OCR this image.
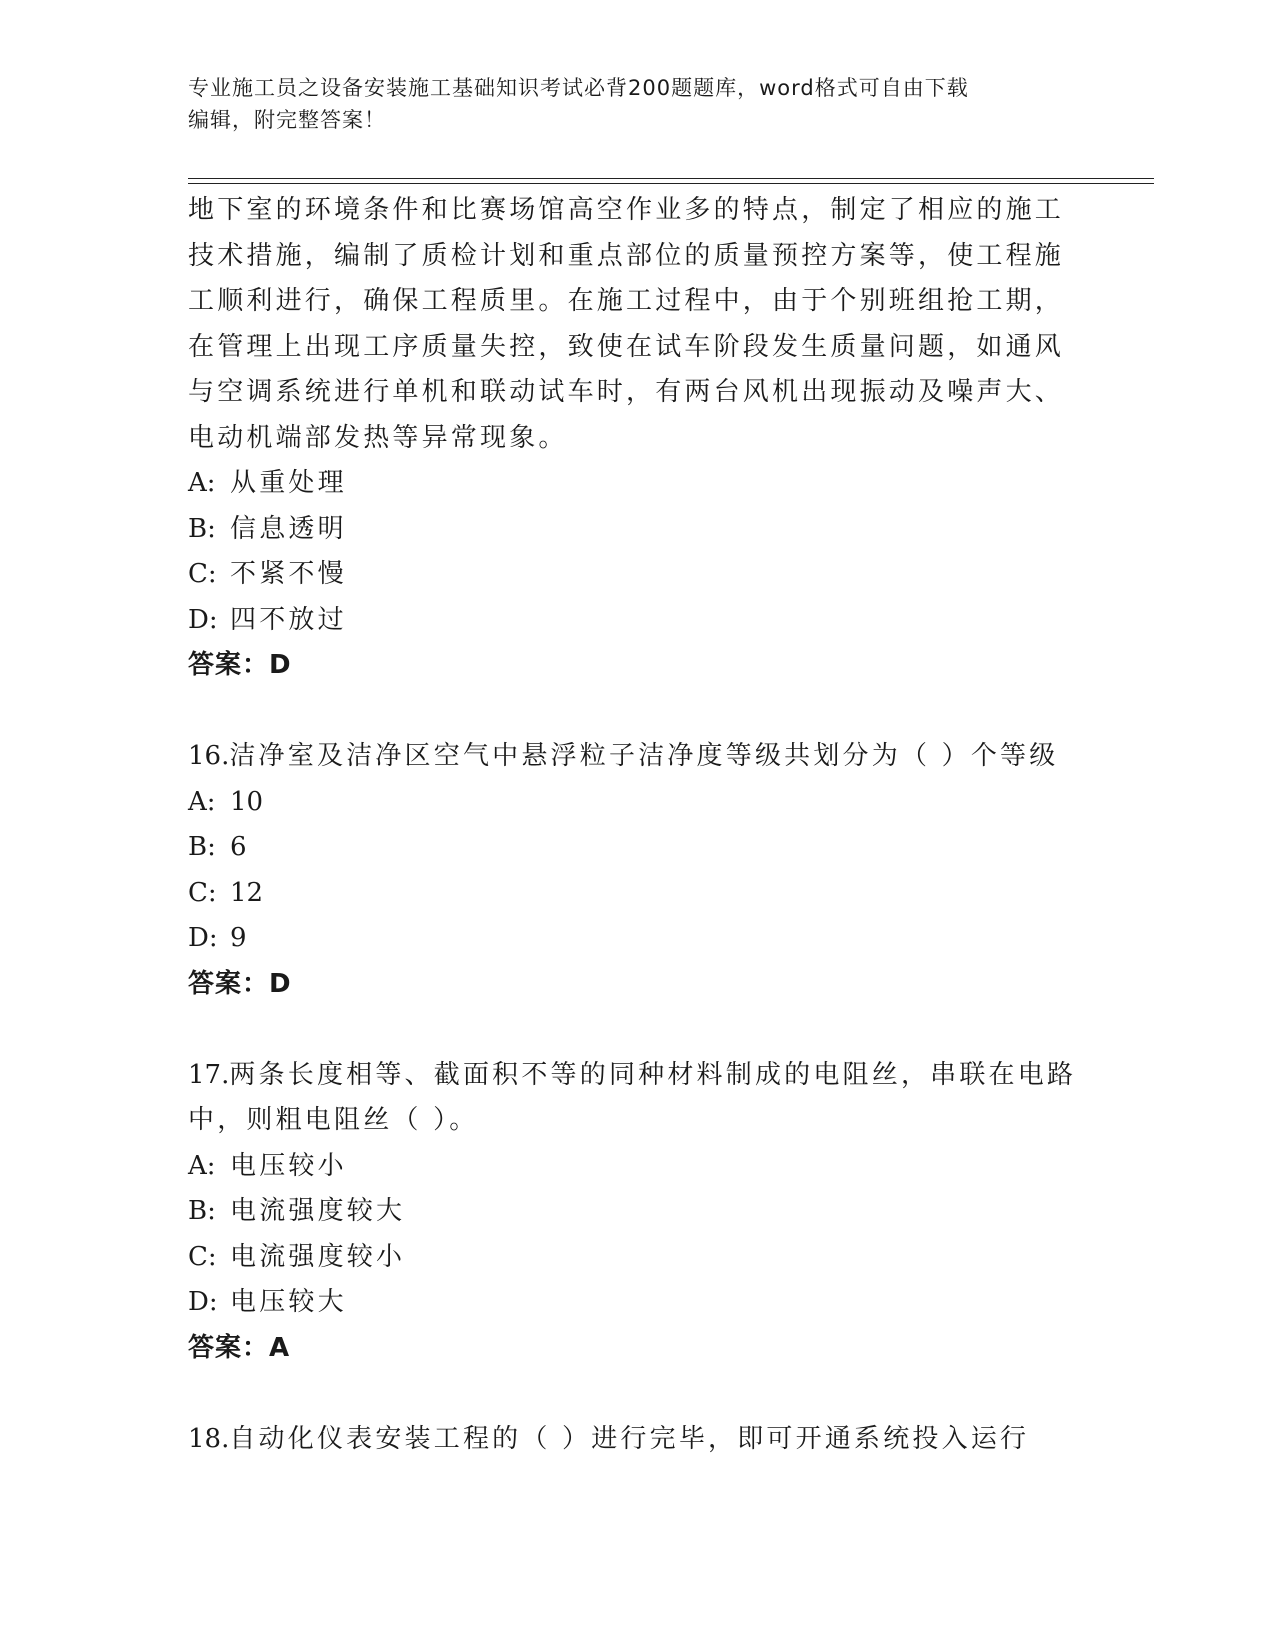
专业施工员之设备安装施工基础知识考试必背200题题库，word格式可自由下载
编辑，附完整答案！
地下室的环境条件和比赛场馆高空作业多的特点，制定了相应的施工
技术措施，编制了质检计划和重点部位的质量预控方案等，使工程施
工顺利进行，确保工程质里。在施工过程中，由于个别班组抢工期，
在管理上出现工序质量失控，致使在试车阶段发生质量问题，如通风
与空调系统进行单机和联动试车时，有两台风机出现振动及噪声大、
电动机端部发热等异常现象。
A: 从重处理
B: 信息透明
C: 不紧不慢
D: 四不放过
答案：D
16.洁净室及洁净区空气中悬浮粒子洁净度等级共划分为（ ）个等级
A: 10
B: 6
C: 12
D: 9
答案：D
17.两条长度相等、截面积不等的同种材料制成的电阻丝，串联在电路
中，则粗电阻丝（ ）。
A: 电压较小
B: 电流强度较大
C: 电流强度较小
D: 电压较大
答案：A
18.自动化仪表安装工程的（ ）进行完毕，即可开通系统投入运行
